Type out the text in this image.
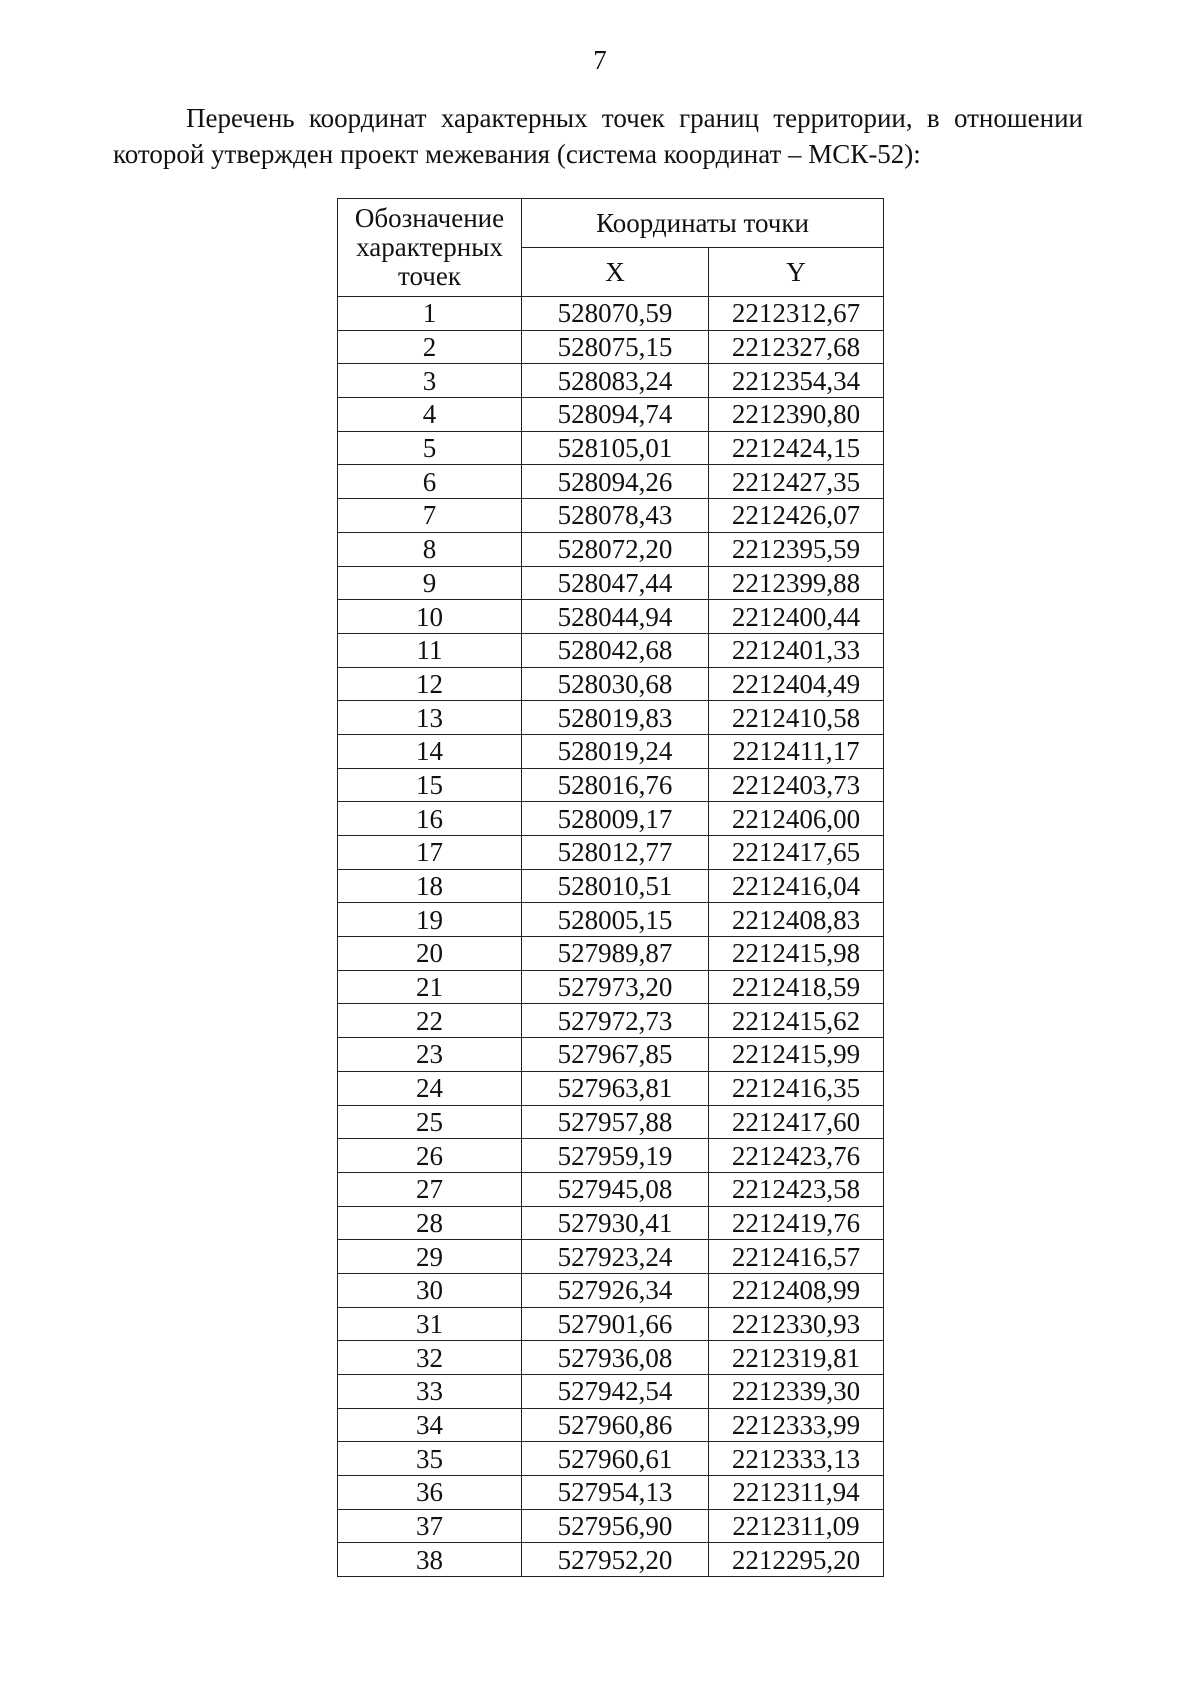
7

Перечень координат характерных точек границ территории, в отношении которой утвержден проект межевания (система координат – МСК-52):

Обозначение характерных точек	Координаты точки	
	X	Y
1	528070,59	2212312,67
2	528075,15	2212327,68
3	528083,24	2212354,34
4	528094,74	2212390,80
5	528105,01	2212424,15
6	528094,26	2212427,35
7	528078,43	2212426,07
8	528072,20	2212395,59
9	528047,44	2212399,88
10	528044,94	2212400,44
11	528042,68	2212401,33
12	528030,68	2212404,49
13	528019,83	2212410,58
14	528019,24	2212411,17
15	528016,76	2212403,73
16	528009,17	2212406,00
17	528012,77	2212417,65
18	528010,51	2212416,04
19	528005,15	2212408,83
20	527989,87	2212415,98
21	527973,20	2212418,59
22	527972,73	2212415,62
23	527967,85	2212415,99
24	527963,81	2212416,35
25	527957,88	2212417,60
26	527959,19	2212423,76
27	527945,08	2212423,58
28	527930,41	2212419,76
29	527923,24	2212416,57
30	527926,34	2212408,99
31	527901,66	2212330,93
32	527936,08	2212319,81
33	527942,54	2212339,30
34	527960,86	2212333,99
35	527960,61	2212333,13
36	527954,13	2212311,94
37	527956,90	2212311,09
38	527952,20	2212295,20
